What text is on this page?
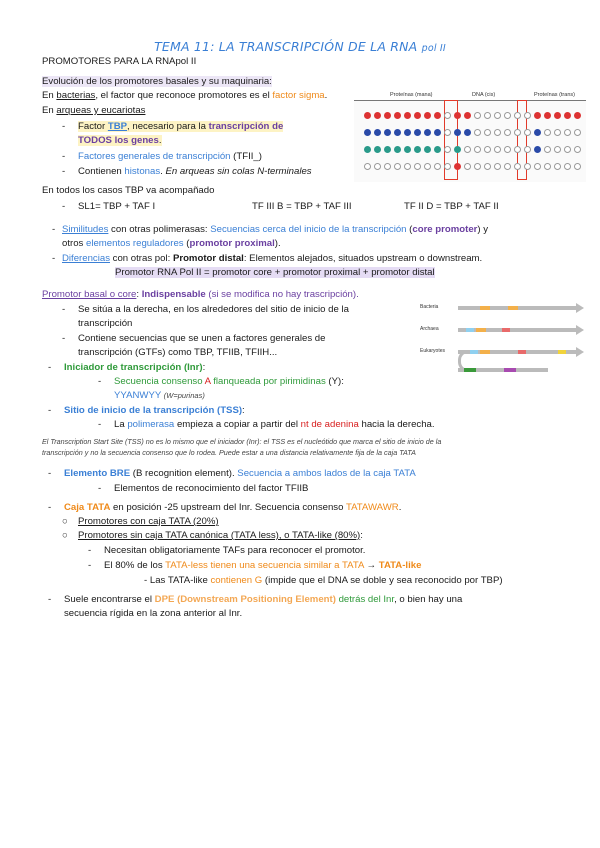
TEMA 11: LA TRANSCRIPCIÓN DE LA RNA pol II
PROMOTORES PARA LA RNApol II
Evolución de los promotores basales y su maquinaria:
En bacterias, el factor que reconoce promotores es el factor sigma.
En arqueas y eucariotas
- Factor TBP, necesario para la transcripción de
TODOS los genes.
- Factores generales de transcripción (TFII_)
- Contienen histonas. En arqueas sin colas N-terminales
En todos los casos TBP va acompañado
- SL1= TBP + TAF I	TF III B = TBP + TAF III	TF II D = TBP + TAF II
Proteínas (mana)	DNA (cis)	Proteínas (trans)
- Similitudes con otras polimerasas: Secuencias cerca del inicio de la transcripción (core promoter) y
otros elementos reguladores (promotor proximal).
- Diferencias con otras pol: Promotor distal: Elementos alejados, situados upstream o downstream.
Promotor RNA Pol II = promotor core + promotor proximal + promotor distal
Promotor basal o core: Indispensable (si se modifica no hay trascripción).
- Se sitúa a la derecha, en los alrededores del sitio de inicio de la
transcripción
- Contiene secuencias que se unen a factores generales de
transcripción (GTFs) como TBP, TFIIB, TFIIH...
- Iniciador de transcripción (Inr):
- Secuencia consenso A flanqueada por pirimidinas (Y):
YYANWYY (W=purinas)
- Sitio de inicio de la transcripción (TSS):
- La polimerasa empieza a copiar a partir del nt de adenina hacia la derecha.
El Transcription Start Site (TSS) no es lo mismo que el iniciador (Inr): el TSS es el nucleótido que marca el sitio de inicio de la
transcripción y no la secuencia consenso que lo rodea. Puede estar a una distancia relativamente fija de la caja TATA
Bacteria
Archaea
Eukaryotes
- Elemento BRE (B recognition element). Secuencia a ambos lados de la caja TATA
- Elementos de reconocimiento del factor TFIIB
- Caja TATA en posición -25 upstream del Inr. Secuencia consenso TATAWAWR.
○ Promotores con caja TATA (20%)
○ Promotores sin caja TATA canónica (TATA less), o TATA-like (80%):
- Necesitan obligatoriamente TAFs para reconocer el promotor.
- El 80% de los TATA-less tienen una secuencia similar a TATA → TATA-like
- Las TATA-like contienen G (impide que el DNA se doble y sea reconocido por TBP)
- Suele encontrarse el DPE (Downstream Positioning Element) detrás del Inr, o bien hay una
secuencia rígida en la zona anterior al Inr.
